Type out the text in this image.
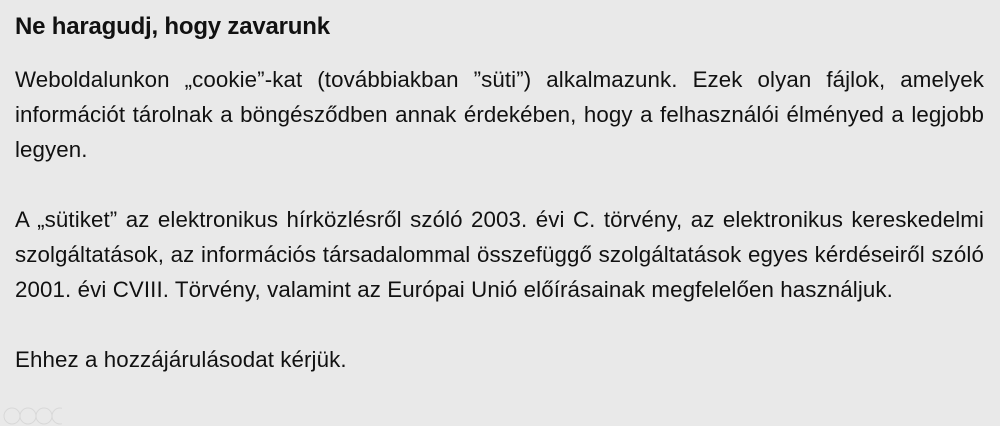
Ne haragudj, hogy zavarunk

Weboldalunkon „cookie”-kat (továbbiakban ”süti”) alkalmazunk. Ezek olyan fájlok, amelyek információt tárolnak a böngésződben annak érdekében, hogy a felhasználói élményed a legjobb legyen.

A „sütiket” az elektronikus hírközlésről szóló 2003. évi C. törvény, az elektronikus kereskedelmi szolgáltatások, az információs társadalommal összefüggő szolgáltatások egyes kérdéseiről szóló 2001. évi CVIII. Törvény, valamint az Európai Unió előírásainak megfelelően használjuk.

Ehhez a hozzájárulásodat kérjük.
